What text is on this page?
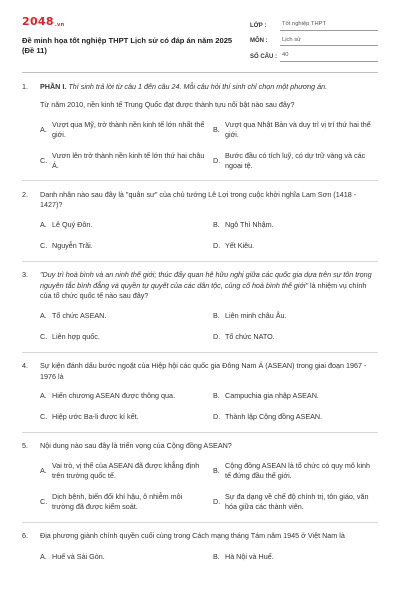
$2048_{.vn}$
Đề minh họa tốt nghiệp THPT Lịch sử có đáp án năm 2025 (Đề 11)
LỚP :	Tốt nghiệp THPT
MÔN :	Lịch sử
SỐ CÂU : 40
1.	PHẦN I. Thí sinh trả lời từ câu 1 đến câu 24. Mỗi câu hỏi thí sinh chỉ chọn một phương án.
Từ năm 2010, nền kinh tế Trung Quốc đạt được thành tựu nổi bật nào sau đây?
A.
Vượt qua Mỹ, trở thành nền kinh tế lớn nhất thế giới.
B.
Vượt qua Nhật Bản và duy trì vị trí thứ hai thế giới.
C.
Vươn lên trở thành nền kinh tế lớn thứ hai châu Á.
D.
Bước đầu có tích luỹ, có dự trữ vàng và các ngoại tệ.
2.	Danh nhân nào sau đây là "quân sư" của chủ tướng Lê Lợi trong cuộc khởi nghĩa Lam Sơn (1418 - 1427)?
A. Lê Quý Đôn.	B. Ngô Thì Nhậm.
C. Nguyễn Trãi.	D. Yết Kiêu.
3.	"Duy trì hoà bình và an ninh thế giới; thúc đẩy quan hệ hữu nghị giữa các quốc gia dựa trên sự tôn trọng nguyên tắc bình đẳng và quyền tự quyết của các dân tộc, củng cố hoà bình thế giới" là nhiệm vụ chính của tổ chức quốc tế nào sau đây?
A. Tổ chức ASEAN.	B. Liên minh châu Âu.
C. Liên hợp quốc.	D. Tổ chức NATO.
4.	Sự kiện đánh dấu bước ngoặt của Hiệp hội các quốc gia Đông Nam Á (ASEAN) trong giai đoạn 1967 - 1976 là
A. Hiến chương ASEAN được thông qua.	B. Campuchia gia nhập ASEAN.
C. Hiệp ước Ba-li được kí kết.	D. Thành lập Cộng đồng ASEAN.
5.	Nội dung nào sau đây là triển vọng của Cộng đồng ASEAN?
A.
Vai trò, vị thế của ASEAN đã được khẳng định trên trường quốc tế.
B.
Cộng đồng ASEAN là tổ chức có quy mô kinh tế đứng đầu thế giới.
C.
Dịch bệnh, biến đổi khí hậu, ô nhiễm môi trường đã được kiểm soát.
D.
Sự đa dạng về chế độ chính trị, tôn giáo, văn hóa giữa các thành viên.
6.	Địa phương giành chính quyền cuối cùng trong Cách mạng tháng Tám năm 1945 ở Việt Nam là
A. Huế và Sài Gòn.	B. Hà Nội và Huế.
